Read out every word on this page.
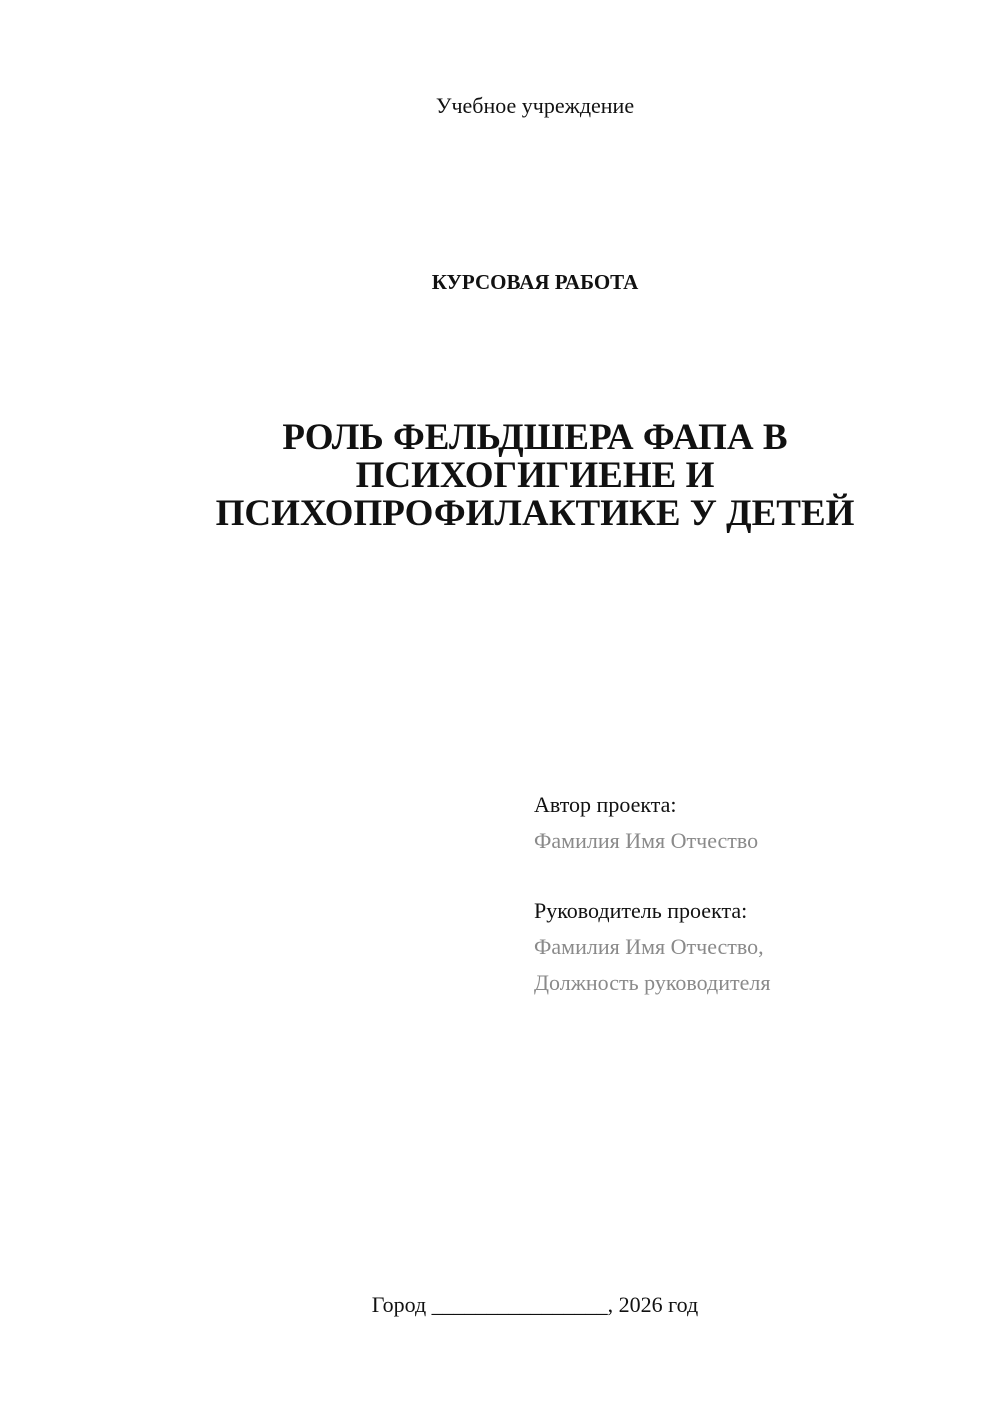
Учебное учреждение
КУРСОВАЯ РАБОТА
РОЛЬ ФЕЛЬДШЕРА ФАПА В
ПСИХОГИГИЕНЕ И
ПСИХОПРОФИЛАКТИКЕ У ДЕТЕЙ
Автор проекта:
Фамилия Имя Отчество
Руководитель проекта:
Фамилия Имя Отчество,
Должность руководителя
Город ________________, 2026 год
